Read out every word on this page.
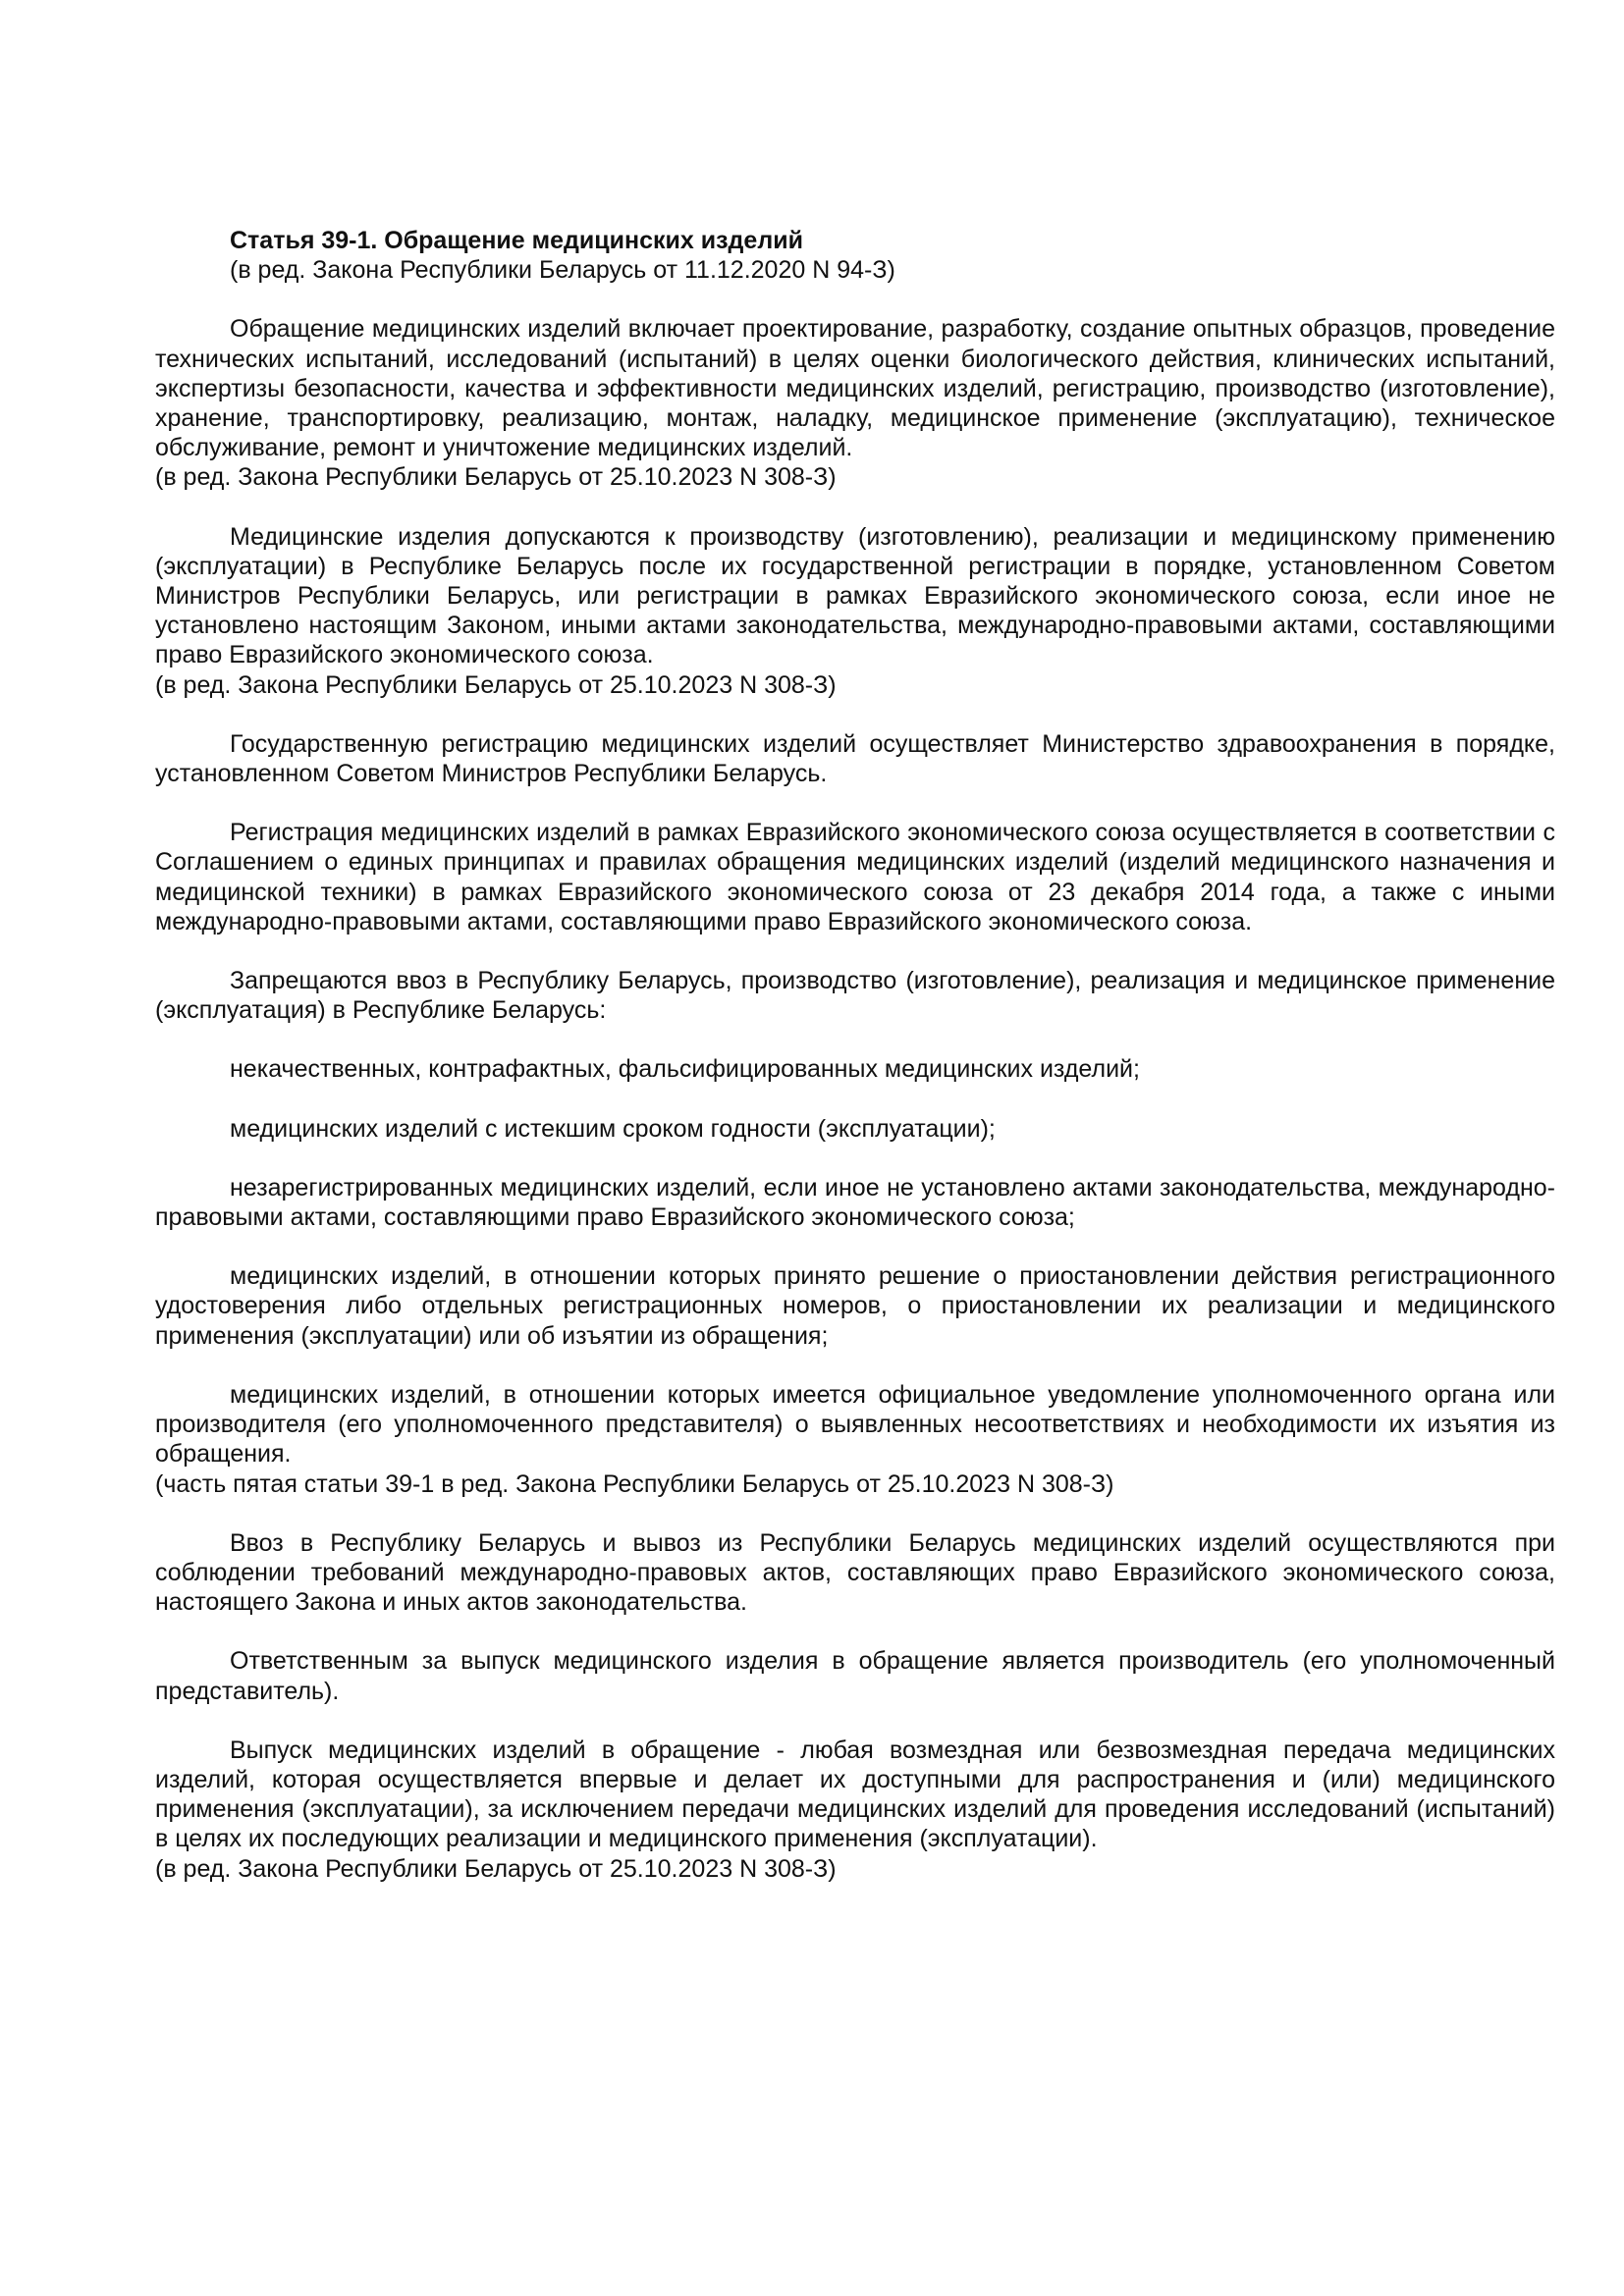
Статья 39-1. Обращение медицинских изделий

(в ред. Закона Республики Беларусь от 11.12.2020 N 94-З)

Обращение медицинских изделий включает проектирование, разработку, создание опытных образцов, проведение технических испытаний, исследований (испытаний) в целях оценки биологического действия, клинических испытаний, экспертизы безопасности, качества и эффективности медицинских изделий, регистрацию, производство (изготовление), хранение, транспортировку, реализацию, монтаж, наладку, медицинское применение (эксплуатацию), техническое обслуживание, ремонт и уничтожение медицинских изделий.

(в ред. Закона Республики Беларусь от 25.10.2023 N 308-З)

Медицинские изделия допускаются к производству (изготовлению), реализации и медицинскому применению (эксплуатации) в Республике Беларусь после их государственной регистрации в порядке, установленном Советом Министров Республики Беларусь, или регистрации в рамках Евразийского экономического союза, если иное не установлено настоящим Законом, иными актами законодательства, международно-правовыми актами, составляющими право Евразийского экономического союза.

(в ред. Закона Республики Беларусь от 25.10.2023 N 308-З)

Государственную регистрацию медицинских изделий осуществляет Министерство здравоохранения в порядке, установленном Советом Министров Республики Беларусь.

Регистрация медицинских изделий в рамках Евразийского экономического союза осуществляется в соответствии с Соглашением о единых принципах и правилах обращения медицинских изделий (изделий медицинского назначения и медицинской техники) в рамках Евразийского экономического союза от 23 декабря 2014 года, а также с иными международно-правовыми актами, составляющими право Евразийского экономического союза.

Запрещаются ввоз в Республику Беларусь, производство (изготовление), реализация и медицинское применение (эксплуатация) в Республике Беларусь:

некачественных, контрафактных, фальсифицированных медицинских изделий;

медицинских изделий с истекшим сроком годности (эксплуатации);

незарегистрированных медицинских изделий, если иное не установлено актами законодательства, международно-правовыми актами, составляющими право Евразийского экономического союза;

медицинских изделий, в отношении которых принято решение о приостановлении действия регистрационного удостоверения либо отдельных регистрационных номеров, о приостановлении их реализации и медицинского применения (эксплуатации) или об изъятии из обращения;

медицинских изделий, в отношении которых имеется официальное уведомление уполномоченного органа или производителя (его уполномоченного представителя) о выявленных несоответствиях и необходимости их изъятия из обращения.

(часть пятая статьи 39-1 в ред. Закона Республики Беларусь от 25.10.2023 N 308-З)

Ввоз в Республику Беларусь и вывоз из Республики Беларусь медицинских изделий осуществляются при соблюдении требований международно-правовых актов, составляющих право Евразийского экономического союза, настоящего Закона и иных актов законодательства.

Ответственным за выпуск медицинского изделия в обращение является производитель (его уполномоченный представитель).

Выпуск медицинских изделий в обращение - любая возмездная или безвозмездная передача медицинских изделий, которая осуществляется впервые и делает их доступными для распространения и (или) медицинского применения (эксплуатации), за исключением передачи медицинских изделий для проведения исследований (испытаний) в целях их последующих реализации и медицинского применения (эксплуатации).

(в ред. Закона Республики Беларусь от 25.10.2023 N 308-З)
